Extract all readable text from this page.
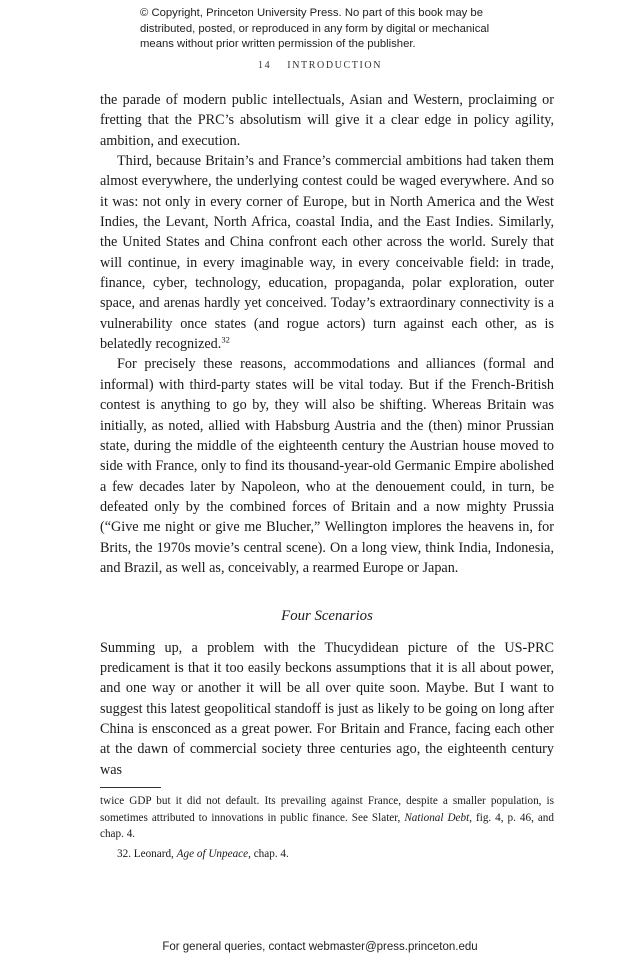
© Copyright, Princeton University Press. No part of this book may be distributed, posted, or reproduced in any form by digital or mechanical means without prior written permission of the publisher.
14 INTRODUCTION

the parade of modern public intellectuals, Asian and Western, proclaiming or fretting that the PRC’s absolutism will give it a clear edge in policy agility, ambition, and execution.

Third, because Britain’s and France’s commercial ambitions had taken them almost everywhere, the underlying contest could be waged everywhere. And so it was: not only in every corner of Europe, but in North America and the West Indies, the Levant, North Africa, coastal India, and the East Indies. Similarly, the United States and China confront each other across the world. Surely that will continue, in every imaginable way, in every conceivable field: in trade, finance, cyber, technology, education, propaganda, polar exploration, outer space, and arenas hardly yet conceived. Today’s extraordinary connectivity is a vulnerability once states (and rogue actors) turn against each other, as is belatedly recognized.$^{32}$

For precisely these reasons, accommodations and alliances (formal and informal) with third-party states will be vital today. But if the French-British contest is anything to go by, they will also be shifting. Whereas Britain was initially, as noted, allied with Habsburg Austria and the (then) minor Prussian state, during the middle of the eighteenth century the Austrian house moved to side with France, only to find its thousand-year-old Germanic Empire abolished a few decades later by Napoleon, who at the denouement could, in turn, be defeated only by the combined forces of Britain and a now mighty Prussia (“Give me night or give me Blucher,” Wellington implores the heavens in, for Brits, the 1970s movie’s central scene). On a long view, think India, Indonesia, and Brazil, as well as, conceivably, a rearmed Europe or Japan.

Four Scenarios

Summing up, a problem with the Thucydidean picture of the US-PRC predicament is that it too easily beckons assumptions that it is all about power, and one way or another it will be all over quite soon. Maybe. But I want to suggest this latest geopolitical standoff is just as likely to be going on long after China is ensconced as a great power. For Britain and France, facing each other at the dawn of commercial society three centuries ago, the eighteenth century was

twice GDP but it did not default. Its prevailing against France, despite a smaller population, is sometimes attributed to innovations in public finance. See Slater, National Debt, fig. 4, p. 46, and chap. 4.

32. Leonard, Age of Unpeace, chap. 4.

For general queries, contact webmaster@press.princeton.edu
